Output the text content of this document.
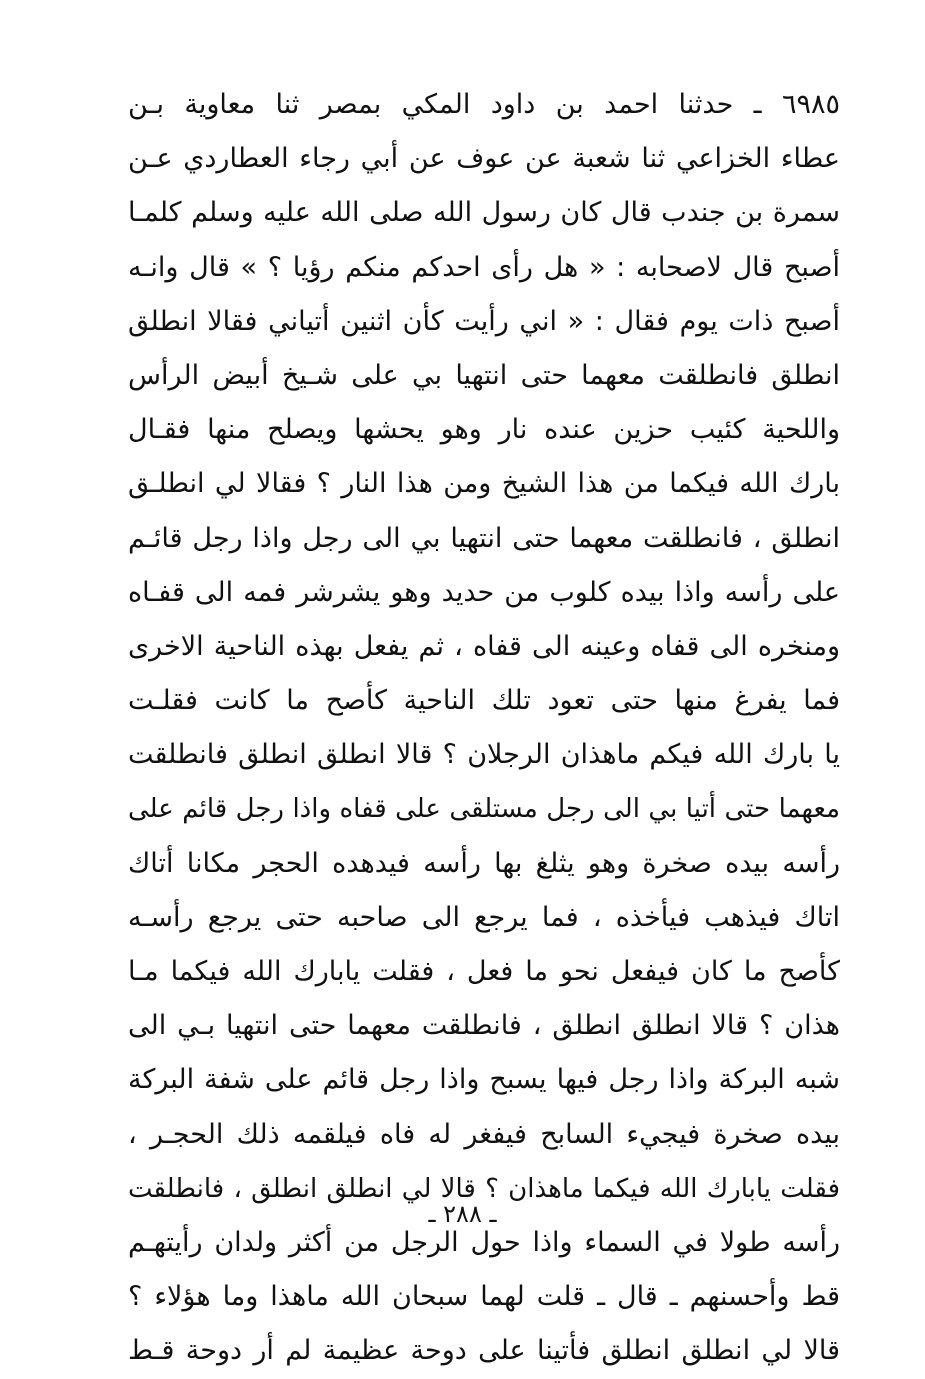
٦٩٨٥ ـ حدثنا احمد بن داود المكي بمصر ثنا معاوية بـن
عطاء الخزاعي ثنا شعبة عن عوف عن أبي رجاء العطاردي عـن
سمرة بن جندب قال كان رسول الله صلى الله عليه وسلم كلمـا
أصبح قال لاصحابه : « هل رأى احدكم منكم رؤيا ؟ » قال وانـه
أصبح ذات يوم فقال : « اني رأيت كأن اثنين أتياني فقالا انطلق
انطلق فانطلقت معهما حتى انتهيا بي على شـيخ أبيض الرأس
واللحية كئيب حزين عنده نار وهو يحشها ويصلح منها فقـال
بارك الله فيكما من هذا الشيخ ومن هذا النار ؟ فقالا لي انطلـق
انطلق ، فانطلقت معهما حتى انتهيا بي الى رجل واذا رجل قائـم
على رأسه واذا بيده كلوب من حديد وهو يشرشر فمه الى قفـاه
ومنخره الى قفاه وعينه الى قفاه ، ثم يفعل بهذه الناحية الاخرى
فما يفرغ منها حتى تعود تلك الناحية كأصح ما كانت فقلـت
يا بارك الله فيكم ماهذان الرجلان ؟ قالا انطلق انطلق فانطلقت
معهما حتى أتيا بي الى رجل مستلقى على قفاه واذا رجل قائم على
رأسه بيده صخرة وهو يثلغ بها رأسه فيدهده الحجر مكانا أتاك
اتاك فيذهب فيأخذه ، فما يرجع الى صاحبه حتى يرجع رأسـه
كأصح ما كان فيفعل نحو ما فعل ، فقلت يابارك الله فيكما مـا
هذان ؟ قالا انطلق انطلق ، فانطلقت معهما حتى انتهيا بـي الى
شبه البركة واذا رجل فيها يسبح واذا رجل قائم على شفة البركة
بيده صخرة فيجيء السابح فيفغر له فاه فيلقمه ذلك الحجـر ،
فقلت يابارك الله فيكما ماهذان ؟ قالا لي انطلق انطلق ، فانطلقت
رأسه طولا في السماء واذا حول الرجل من أكثر ولدان رأيتهـم
قط وأحسنهم ـ قال ـ قلت لهما سبحان الله ماهذا وما هؤلاء ؟
قالا لي انطلق انطلق فأتينا على دوحة عظيمة لم أر دوحة قـط
ـ ٢٨٨ ـ
